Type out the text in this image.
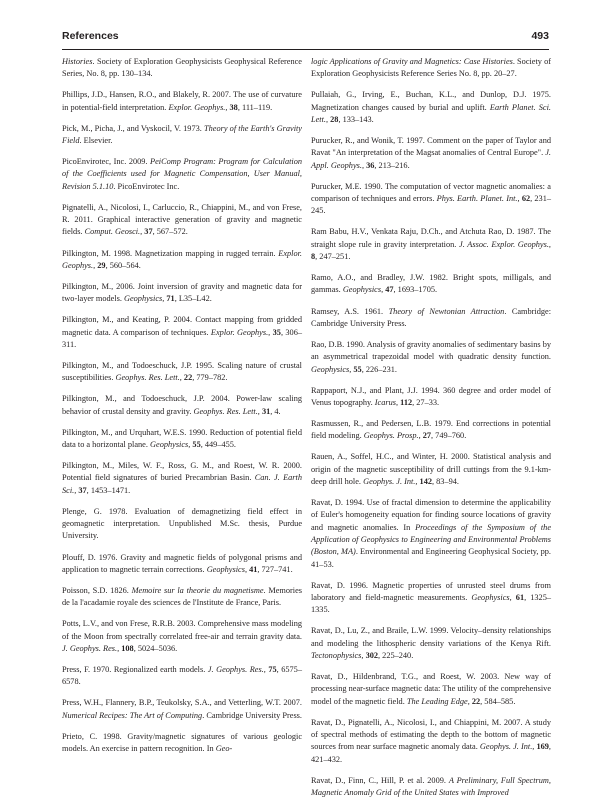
References	493

Histories. Society of Exploration Geophysicists Geophysical Reference Series, No. 8, pp. 130–134.

Phillips, J.D., Hansen, R.O., and Blakely, R. 2007. The use of curvature in potential-field interpretation. Explor. Geophys., 38, 111–119.

Pick, M., Picha, J., and Vyskocil, V. 1973. Theory of the Earth's Gravity Field. Elsevier.

PicoEnvirotec, Inc. 2009. PeiComp Program: Program for Calculation of the Coefficients used for Magnetic Compensation, User Manual, Revision 5.1.10. PicoEnvirotec Inc.

Pignatelli, A., Nicolosi, I., Carluccio, R., Chiappini, M., and von Frese, R. 2011. Graphical interactive generation of gravity and magnetic fields. Comput. Geosci., 37, 567–572.

Pilkington, M. 1998. Magnetization mapping in rugged terrain. Explor. Geophys., 29, 560–564.

Pilkington, M., 2006. Joint inversion of gravity and magnetic data for two-layer models. Geophysics, 71, L35–L42.

Pilkington, M., and Keating, P. 2004. Contact mapping from gridded magnetic data. A comparison of techniques. Explor. Geophys., 35, 306–311.

Pilkington, M., and Todoeschuck, J.P. 1995. Scaling nature of crustal susceptibilities. Geophys. Res. Lett., 22, 779–782.

Pilkington, M., and Todoeschuck, J.P. 2004. Power-law scaling behavior of crustal density and gravity. Geophys. Res. Lett., 31, 4.

Pilkington, M., and Urquhart, W.E.S. 1990. Reduction of potential field data to a horizontal plane. Geophysics, 55, 449–455.

Pilkington, M., Miles, W. F., Ross, G. M., and Roest, W. R. 2000. Potential field signatures of buried Precambrian Basin. Can. J. Earth Sci., 37, 1453–1471.

Plenge, G. 1978. Evaluation of demagnetizing field effect in geomagnetic interpretation. Unpublished M.Sc. thesis, Purdue University.

Plouff, D. 1976. Gravity and magnetic fields of polygonal prisms and application to magnetic terrain corrections. Geophysics, 41, 727–741.

Poisson, S.D. 1826. Memoire sur la theorie du magnetisme. Memories de la l'acadamie royale des sciences de l'Institute de France, Paris.

Potts, L.V., and von Frese, R.R.B. 2003. Comprehensive mass modeling of the Moon from spectrally correlated free-air and terrain gravity data. J. Geophys. Res., 108, 5024–5036.

Press, F. 1970. Regionalized earth models. J. Geophys. Res., 75, 6575–6578.

Press, W.H., Flannery, B.P., Teukolsky, S.A., and Vetterling, W.T. 2007. Numerical Recipes: The Art of Computing. Cambridge University Press.

Prieto, C. 1998. Gravity/magnetic signatures of various geologic models. An exercise in pattern recognition. In Geo-

logic Applications of Gravity and Magnetics: Case Histories. Society of Exploration Geophysicists Reference Series No. 8, pp. 20–27.

Pullaiah, G., Irving, E., Buchan, K.L., and Dunlop, D.J. 1975. Magnetization changes caused by burial and uplift. Earth Planet. Sci. Lett., 28, 133–143.

Purucker, R., and Wonik, T. 1997. Comment on the paper of Taylor and Ravat "An interpretation of the Magsat anomalies of Central Europe". J. Appl. Geophys., 36, 213–216.

Purucker, M.E. 1990. The computation of vector magnetic anomalies: a comparison of techniques and errors. Phys. Earth. Planet. Int., 62, 231–245.

Ram Babu, H.V., Venkata Raju, D.Ch., and Atchuta Rao, D. 1987. The straight slope rule in gravity interpretation. J. Assoc. Explor. Geophys., 8, 247–251.

Ramo, A.O., and Bradley, J.W. 1982. Bright spots, milligals, and gammas. Geophysics, 47, 1693–1705.

Ramsey, A.S. 1961. Theory of Newtonian Attraction. Cambridge: Cambridge University Press.

Rao, D.B. 1990. Analysis of gravity anomalies of sedimentary basins by an asymmetrical trapezoidal model with quadratic density function. Geophysics, 55, 226–231.

Rappaport, N.J., and Plant, J.J. 1994. 360 degree and order model of Venus topography. Icarus, 112, 27–33.

Rasmussen, R., and Pedersen, L.B. 1979. End corrections in potential field modeling. Geophys. Prosp., 27, 749–760.

Rauen, A., Soffel, H.C., and Winter, H. 2000. Statistical analysis and origin of the magnetic susceptibility of drill cuttings from the 9.1-km-deep drill hole. Geophys. J. Int., 142, 83–94.

Ravat, D. 1994. Use of fractal dimension to determine the applicability of Euler's homogeneity equation for finding source locations of gravity and magnetic anomalies. In Proceedings of the Symposium of the Application of Geophysics to Engineering and Environmental Problems (Boston, MA). Environmental and Engineering Geophysical Society, pp. 41–53.

Ravat, D. 1996. Magnetic properties of unrusted steel drums from laboratory and field-magnetic measurements. Geophysics, 61, 1325–1335.

Ravat, D., Lu, Z., and Braile, L.W. 1999. Velocity–density relationships and modeling the lithospheric density variations of the Kenya Rift. Tectonophysics, 302, 225–240.

Ravat, D., Hildenbrand, T.G., and Roest, W. 2003. New way of processing near-surface magnetic data: The utility of the comprehensive model of the magnetic field. The Leading Edge, 22, 584–585.

Ravat, D., Pignatelli, A., Nicolosi, I., and Chiappini, M. 2007. A study of spectral methods of estimating the depth to the bottom of magnetic sources from near surface magnetic anomaly data. Geophys. J. Int., 169, 421–432.

Ravat, D., Finn, C., Hill, P. et al. 2009. A Preliminary, Full Spectrum, Magnetic Anomaly Grid of the United States with Improved
